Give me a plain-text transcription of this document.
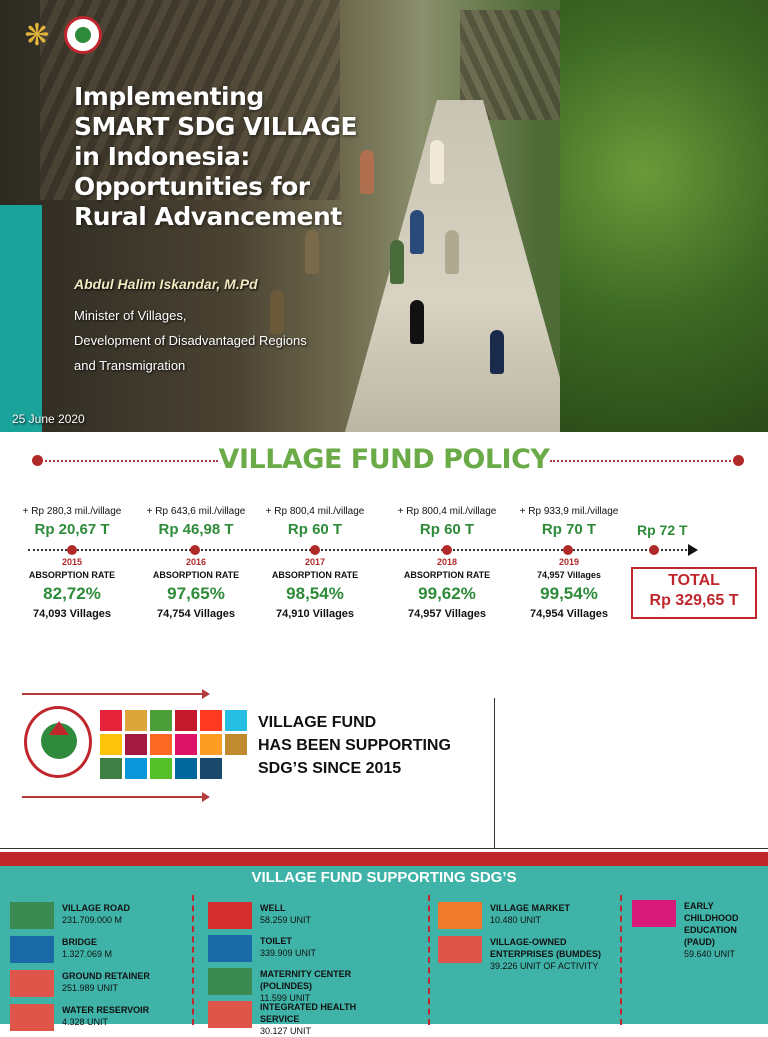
❋
Implementing
SMART SDG VILLAGE
in Indonesia:
Opportunities for
Rural Advancement
Abdul Halim Iskandar, M.Pd
Minister of Villages,
Development of Disadvantaged Regions
and Transmigration
25 June 2020
VILLAGE FUND POLICY
+ Rp 280,3 mil./village
Rp 20,67 T
2015
ABSORPTION RATE
82,72%
74,093 Villages
+ Rp 643,6 mil./village
Rp 46,98 T
2016
ABSORPTION RATE
97,65%
74,754 Villages
+ Rp 800,4 mil./village
Rp 60 T
2017
ABSORPTION RATE
98,54%
74,910 Villages
+ Rp 800,4 mil./village
Rp 60 T
2018
ABSORPTION RATE
99,62%
74,957 Villages
+ Rp 933,9 mil./village
Rp 70 T
2019
74,957 Villages
99,54%
74,954 Villages
Rp 72 T
TOTAL
Rp 329,65 T
VILLAGE FUND
HAS BEEN SUPPORTING
SDG’S SINCE 2015
VILLAGE FUND SUPPORTING SDG’S
VILLAGE ROAD
231.709.000 M
BRIDGE
1.327.069 M
GROUND RETAINER
251.989 UNIT
WATER RESERVOIR
4.328 UNIT
WELL
58.259 UNIT
TOILET
339.909 UNIT
MATERNITY CENTER (POLINDES)
11.599 UNIT
INTEGRATED HEALTH SERVICE
30.127 UNIT
VILLAGE MARKET
10.480 UNIT
VILLAGE-OWNED ENTERPRISES (BUMDES)
39.226 UNIT OF ACTIVITY
EARLY CHILDHOOD EDUCATION (PAUD)
59.640 UNIT
